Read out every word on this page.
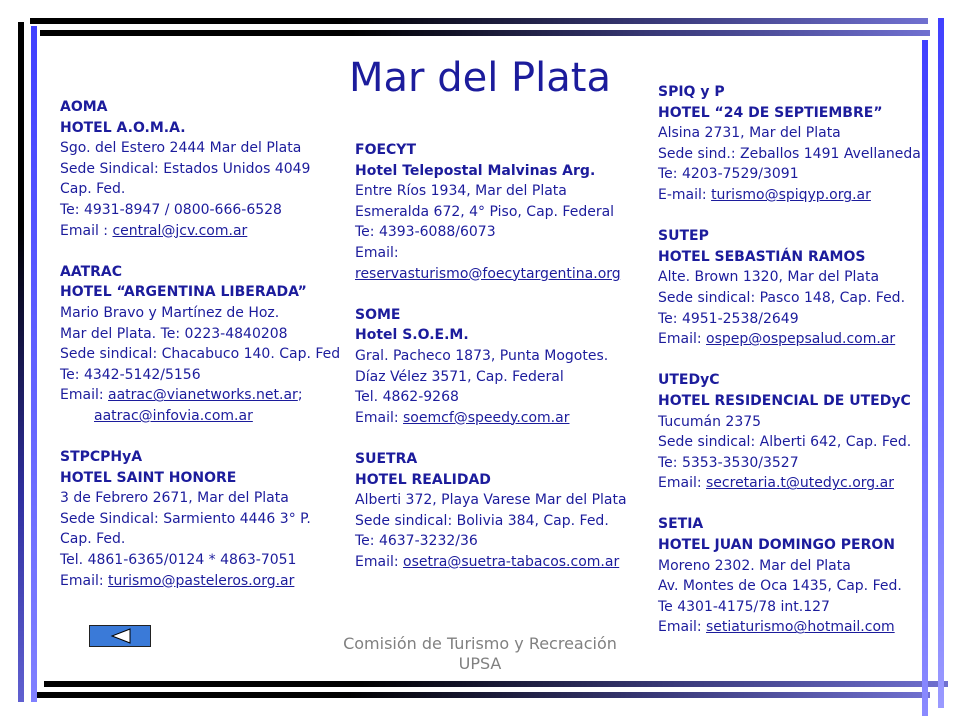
Mar del Plata
AOMA
HOTEL A.O.M.A.
Sgo. del Estero 2444 Mar del Plata
Sede Sindical: Estados Unidos 4049
Cap. Fed.
Te: 4931-8947 / 0800-666-6528
Email : central@jcv.com.ar
AATRAC
HOTEL “ARGENTINA LIBERADA”
Mario Bravo y Martínez de Hoz.
Mar del Plata. Te: 0223-4840208
Sede sindical: Chacabuco 140. Cap. Fed
Te: 4342-5142/5156
Email: aatrac@vianetworks.net.ar;
aatrac@infovia.com.ar
STPCPHyA
HOTEL SAINT HONORE
3 de Febrero 2671, Mar del Plata
Sede Sindical: Sarmiento 4446 3° P.
Cap. Fed.
Tel. 4861-6365/0124 * 4863-7051
Email: turismo@pasteleros.org.ar
FOECYT
Hotel Telepostal Malvinas Arg.
Entre Ríos 1934, Mar del Plata
Esmeralda 672, 4° Piso, Cap. Federal
Te: 4393-6088/6073
Email:
reservasturismo@foecytargentina.org
SOME
Hotel S.O.E.M.
Gral. Pacheco 1873, Punta Mogotes.
Díaz Vélez 3571, Cap. Federal
Tel. 4862-9268
Email: soemcf@speedy.com.ar
SUETRA
HOTEL REALIDAD
Alberti 372, Playa Varese Mar del Plata
Sede sindical: Bolivia 384, Cap. Fed.
Te: 4637-3232/36
Email: osetra@suetra-tabacos.com.ar
SPIQ y P
HOTEL “24 DE SEPTIEMBRE”
Alsina 2731, Mar del Plata
Sede sind.: Zeballos 1491 Avellaneda
Te: 4203-7529/3091
E-mail: turismo@spiqyp.org.ar
SUTEP
HOTEL SEBASTIÁN RAMOS
Alte. Brown 1320, Mar del Plata
Sede sindical: Pasco 148, Cap. Fed.
Te: 4951-2538/2649
Email: ospep@ospepsalud.com.ar
UTEDyC
HOTEL RESIDENCIAL DE UTEDyC
Tucumán 2375
Sede sindical: Alberti 642, Cap. Fed.
Te: 5353-3530/3527
Email: secretaria.t@utedyc.org.ar
SETIA
HOTEL JUAN DOMINGO PERON
Moreno 2302. Mar del Plata
Av. Montes de Oca 1435, Cap. Fed.
Te 4301-4175/78 int.127
Email: setiaturismo@hotmail.com
Comisión de Turismo y Recreación
UPSA
